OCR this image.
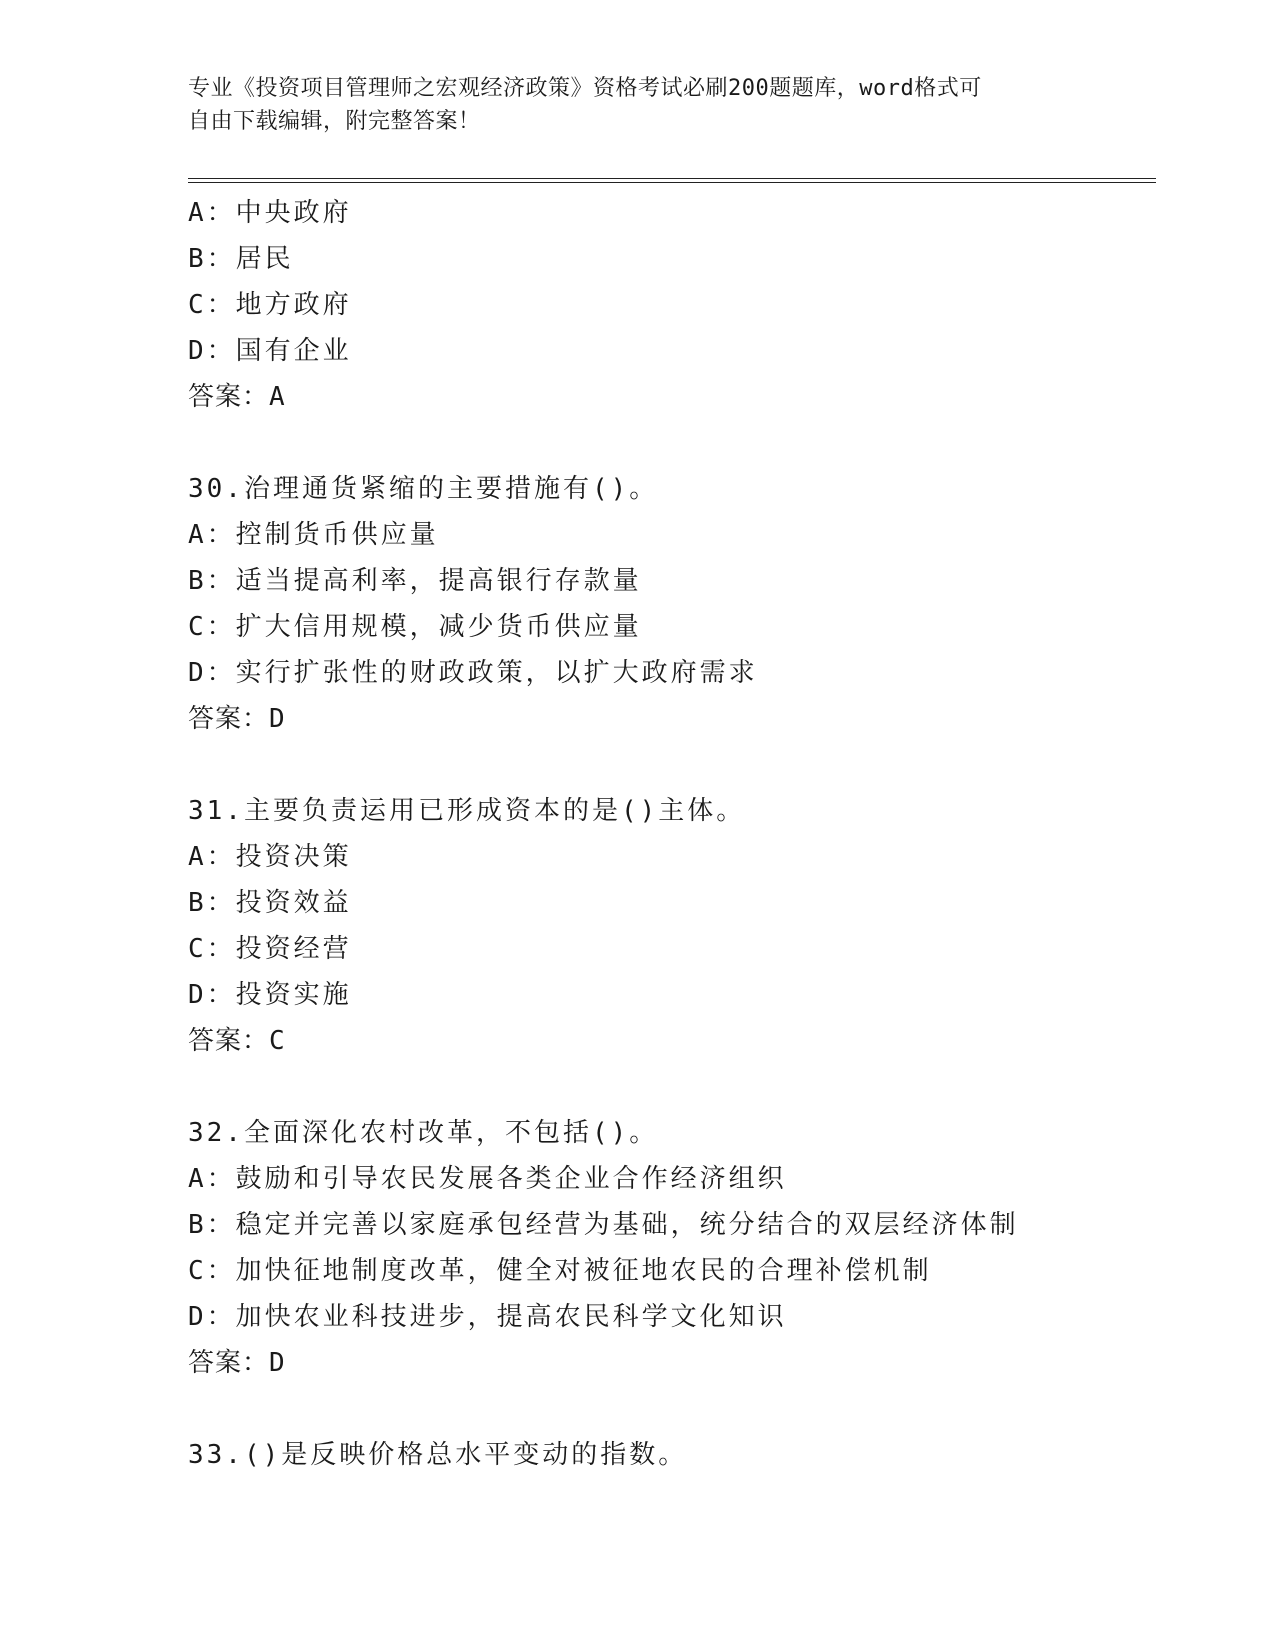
专业《投资项目管理师之宏观经济政策》资格考试必刷200题题库，word格式可
自由下载编辑，附完整答案！
A：中央政府
B：居民
C：地方政府
D：国有企业
答案：A
30.治理通货紧缩的主要措施有()。
A：控制货币供应量
B：适当提高利率，提高银行存款量
C：扩大信用规模，减少货币供应量
D：实行扩张性的财政政策，以扩大政府需求
答案：D
31.主要负责运用已形成资本的是()主体。
A：投资决策
B：投资效益
C：投资经营
D：投资实施
答案：C
32.全面深化农村改革，不包括()。
A：鼓励和引导农民发展各类企业合作经济组织
B：稳定并完善以家庭承包经营为基础，统分结合的双层经济体制
C：加快征地制度改革，健全对被征地农民的合理补偿机制
D：加快农业科技进步，提高农民科学文化知识
答案：D
33.()是反映价格总水平变动的指数。
